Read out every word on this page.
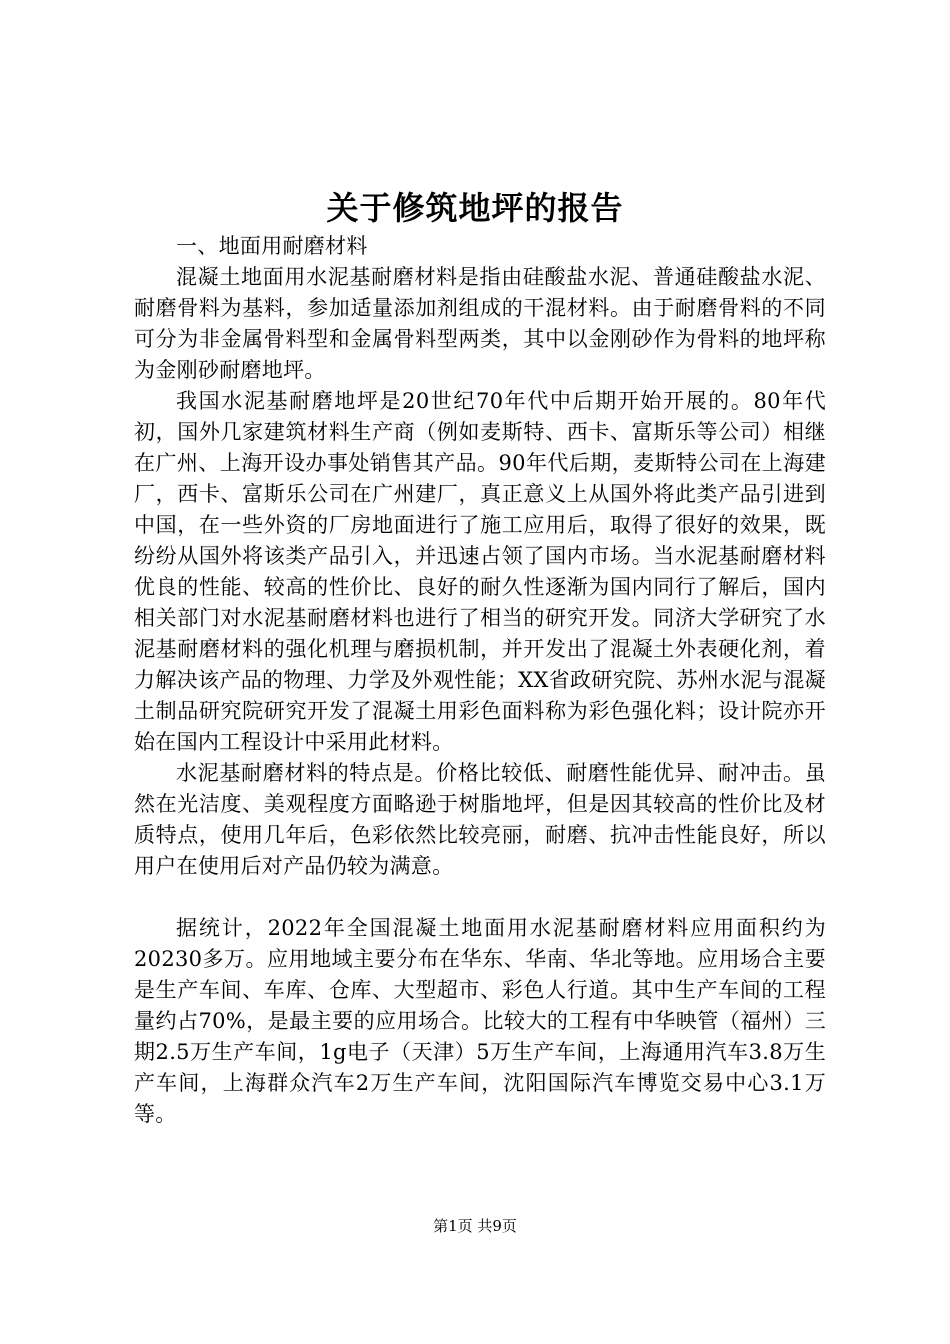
关于修筑地坪的报告

一、地面用耐磨材料

混凝土地面用水泥基耐磨材料是指由硅酸盐水泥、普通硅酸盐水泥、耐磨骨料为基料，参加适量添加剂组成的干混材料。由于耐磨骨料的不同可分为非金属骨料型和金属骨料型两类，其中以金刚砂作为骨料的地坪称为金刚砂耐磨地坪。

我国水泥基耐磨地坪是20世纪70年代中后期开始开展的。80年代初，国外几家建筑材料生产商（例如麦斯特、西卡、富斯乐等公司）相继在广州、上海开设办事处销售其产品。90年代后期，麦斯特公司在上海建厂，西卡、富斯乐公司在广州建厂，真正意义上从国外将此类产品引进到中国，在一些外资的厂房地面进行了施工应用后，取得了很好的效果，既纷纷从国外将该类产品引入，并迅速占领了国内市场。当水泥基耐磨材料优良的性能、较高的性价比、良好的耐久性逐渐为国内同行了解后，国内相关部门对水泥基耐磨材料也进行了相当的研究开发。同济大学研究了水泥基耐磨材料的强化机理与磨损机制，并开发出了混凝土外表硬化剂，着力解决该产品的物理、力学及外观性能；XX省政研究院、苏州水泥与混凝土制品研究院研究开发了混凝土用彩色面料称为彩色强化料；设计院亦开始在国内工程设计中采用此材料。

水泥基耐磨材料的特点是。价格比较低、耐磨性能优异、耐冲击。虽然在光洁度、美观程度方面略逊于树脂地坪，但是因其较高的性价比及材质特点，使用几年后，色彩依然比较亮丽，耐磨、抗冲击性能良好，所以用户在使用后对产品仍较为满意。

据统计，2022年全国混凝土地面用水泥基耐磨材料应用面积约为20230多万。应用地域主要分布在华东、华南、华北等地。应用场合主要是生产车间、车库、仓库、大型超市、彩色人行道。其中生产车间的工程量约占70%，是最主要的应用场合。比较大的工程有中华映管（福州）三期2.5万生产车间，1g电子（天津）5万生产车间，上海通用汽车3.8万生产车间，上海群众汽车2万生产车间，沈阳国际汽车博览交易中心3.1万等。

第1页 共9页
